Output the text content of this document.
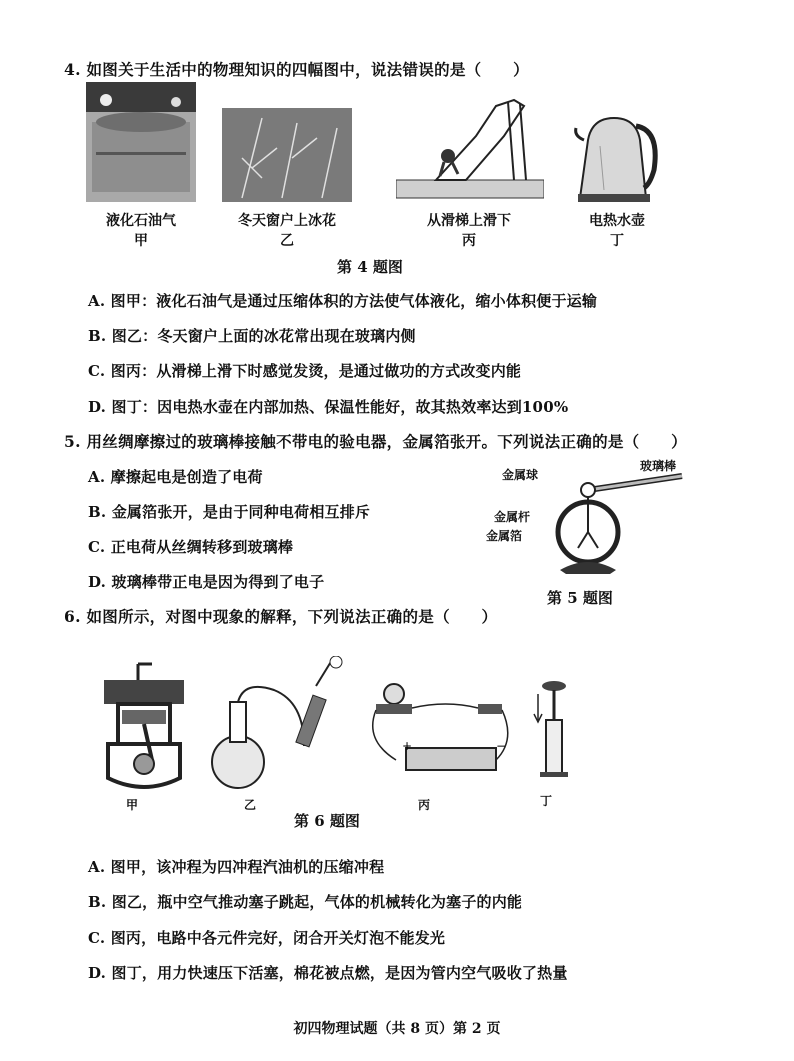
4. 如图关于生活中的物理知识的四幅图中，说法错误的是（　　）
液化石油气
甲
冬天窗户上冰花
乙
从滑梯上滑下
丙
电热水壶
丁
第 4 题图
A. 图甲：液化石油气是通过压缩体积的方法使气体液化，缩小体积便于运输
B. 图乙：冬天窗户上面的冰花常出现在玻璃内侧
C. 图丙：从滑梯上滑下时感觉发烫，是通过做功的方式改变内能
D. 图丁：因电热水壶在内部加热、保温性能好，故其热效率达到100%
5. 用丝绸摩擦过的玻璃棒接触不带电的验电器，金属箔张开。下列说法正确的是（　　）
A. 摩擦起电是创造了电荷
B. 金属箔张开，是由于同种电荷相互排斥
C. 正电荷从丝绸转移到玻璃棒
D. 玻璃棒带正电是因为得到了电子
金属球
玻璃棒
金属杆
金属箔
第 5 题图
6. 如图所示，对图中现象的解释，下列说法正确的是（　　）
+	−
甲	乙	丙	丁
第 6 题图
A. 图甲，该冲程为四冲程汽油机的压缩冲程
B. 图乙，瓶中空气推动塞子跳起，气体的机械转化为塞子的内能
C. 图丙，电路中各元件完好，闭合开关灯泡不能发光
D. 图丁，用力快速压下活塞，棉花被点燃，是因为管内空气吸收了热量
初四物理试题（共 8 页）第 2 页
